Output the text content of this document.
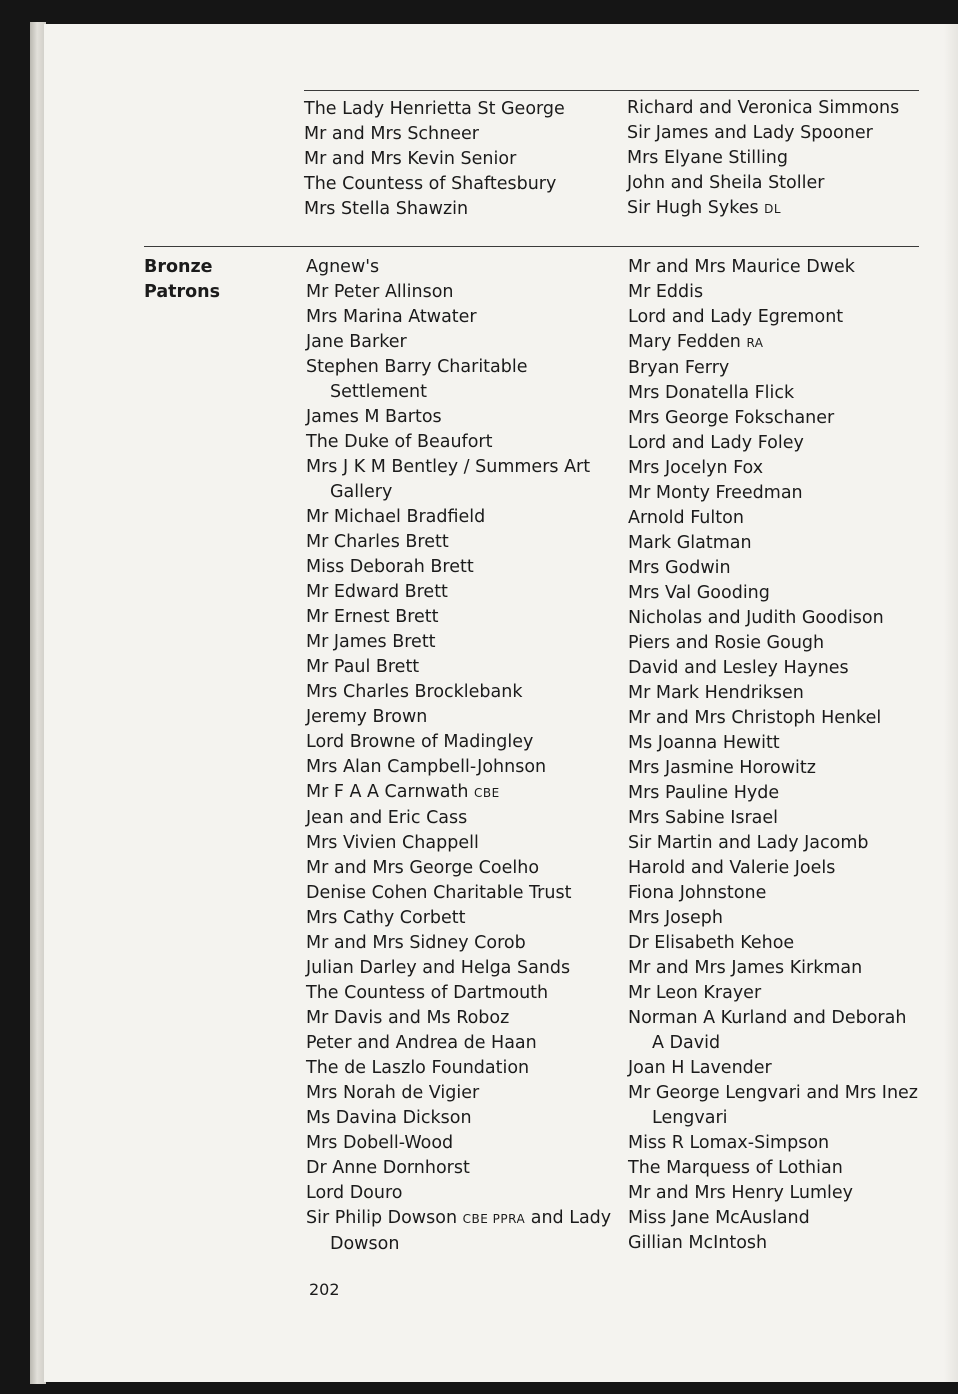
The Lady Henrietta St George
Mr and Mrs Schneer
Mr and Mrs Kevin Senior
The Countess of Shaftesbury
Mrs Stella Shawzin
Richard and Veronica Simmons
Sir James and Lady Spooner
Mrs Elyane Stilling
John and Sheila Stoller
Sir Hugh Sykes DL
Bronze
Patrons
Agnew's
Mr Peter Allinson
Mrs Marina Atwater
Jane Barker
Stephen Barry Charitable Settlement
James M Bartos
The Duke of Beaufort
Mrs J K M Bentley / Summers Art Gallery
Mr Michael Bradfield
Mr Charles Brett
Miss Deborah Brett
Mr Edward Brett
Mr Ernest Brett
Mr James Brett
Mr Paul Brett
Mrs Charles Brocklebank
Jeremy Brown
Lord Browne of Madingley
Mrs Alan Campbell-Johnson
Mr F A A Carnwath CBE
Jean and Eric Cass
Mrs Vivien Chappell
Mr and Mrs George Coelho
Denise Cohen Charitable Trust
Mrs Cathy Corbett
Mr and Mrs Sidney Corob
Julian Darley and Helga Sands
The Countess of Dartmouth
Mr Davis and Ms Roboz
Peter and Andrea de Haan
The de Laszlo Foundation
Mrs Norah de Vigier
Ms Davina Dickson
Mrs Dobell-Wood
Dr Anne Dornhorst
Lord Douro
Sir Philip Dowson CBE PPRA and Lady Dowson
Mr and Mrs Maurice Dwek
Mr Eddis
Lord and Lady Egremont
Mary Fedden RA
Bryan Ferry
Mrs Donatella Flick
Mrs George Fokschaner
Lord and Lady Foley
Mrs Jocelyn Fox
Mr Monty Freedman
Arnold Fulton
Mark Glatman
Mrs Godwin
Mrs Val Gooding
Nicholas and Judith Goodison
Piers and Rosie Gough
David and Lesley Haynes
Mr Mark Hendriksen
Mr and Mrs Christoph Henkel
Ms Joanna Hewitt
Mrs Jasmine Horowitz
Mrs Pauline Hyde
Mrs Sabine Israel
Sir Martin and Lady Jacomb
Harold and Valerie Joels
Fiona Johnstone
Mrs Joseph
Dr Elisabeth Kehoe
Mr and Mrs James Kirkman
Mr Leon Krayer
Norman A Kurland and Deborah A David
Joan H Lavender
Mr George Lengvari and Mrs Inez Lengvari
Miss R Lomax-Simpson
The Marquess of Lothian
Mr and Mrs Henry Lumley
Miss Jane McAusland
Gillian McIntosh
202
